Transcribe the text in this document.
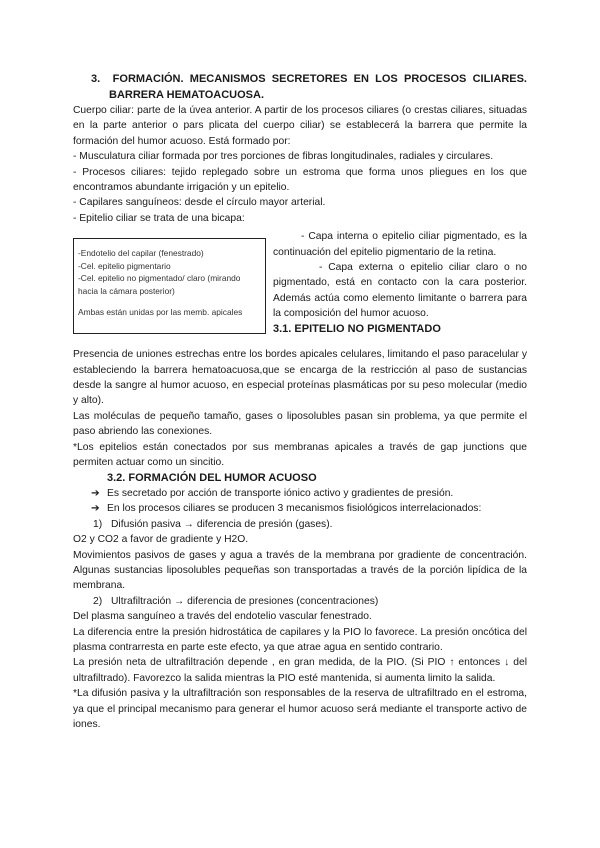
3. FORMACIÓN. MECANISMOS SECRETORES EN LOS PROCESOS CILIARES.
BARRERA HEMATOACUOSA.

Cuerpo ciliar: parte de la úvea anterior. A partir de los procesos ciliares (o crestas ciliares, situadas en la parte anterior o pars plicata del cuerpo ciliar) se establecerá la barrera que permite la formación del humor acuoso. Está formado por:

- Musculatura ciliar formada por tres porciones de fibras longitudinales, radiales y circulares.

- Procesos ciliares: tejido replegado sobre un estroma que forma unos pliegues en los que encontramos abundante irrigación y un epitelio.

- Capilares sanguíneos: desde el círculo mayor arterial.

- Epitelio ciliar se trata de una bicapa:

-Endotelio del capilar (fenestrado)
-Cel. epitelio pigmentario
-Cel. epitelio no pigmentado/ claro (mirando
hacia la cámara posterior)
Ambas están unidas por las memb. apicales

- Capa interna o epitelio ciliar pigmentado, es la continuación del epitelio pigmentario de la retina.

- Capa externa o epitelio ciliar claro o no pigmentado, está en contacto con la cara posterior. Además actúa como elemento limitante o barrera para la composición del humor acuoso.

3.1. EPITELIO NO PIGMENTADO

Presencia de uniones estrechas entre los bordes apicales celulares, limitando el paso paracelular y estableciendo la barrera hematoacuosa,que se encarga de la restricción al paso de sustancias desde la sangre al humor acuoso, en especial proteínas plasmáticas por su peso molecular (medio y alto).

Las moléculas de pequeño tamaño, gases o liposolubles pasan sin problema, ya que permite el paso abriendo las conexiones.

*Los epitelios están conectados por sus membranas apicales a través de gap junctions que permiten actuar como un sincitio.

3.2. FORMACIÓN DEL HUMOR ACUOSO
➔ Es secretado por acción de transporte iónico activo y gradientes de presión.
➔ En los procesos ciliares se producen 3 mecanismos fisiológicos interrelacionados:
1) Difusión pasiva → diferencia de presión (gases).

O2 y CO2 a favor de gradiente y H2O.

Movimientos pasivos de gases y agua a través de la membrana por gradiente de concentración. Algunas sustancias liposolubles pequeñas son transportadas a través de la porción lipídica de la membrana.

2) Ultrafiltración → diferencia de presiones (concentraciones)

Del plasma sanguíneo a través del endotelio vascular fenestrado.

La diferencia entre la presión hidrostática de capilares y la PIO lo favorece. La presión oncótica del plasma contrarresta en parte este efecto, ya que atrae agua en sentido contrario.

La presión neta de ultrafiltración depende , en gran medida, de la PIO. (Si PIO ↑ entonces ↓ del ultrafiltrado). Favorezco la salida mientras la PIO esté mantenida, si aumenta limito la salida.

*La difusión pasiva y la ultrafiltración son responsables de la reserva de ultrafiltrado en el estroma, ya que el principal mecanismo para generar el humor acuoso será mediante el transporte activo de iones.
